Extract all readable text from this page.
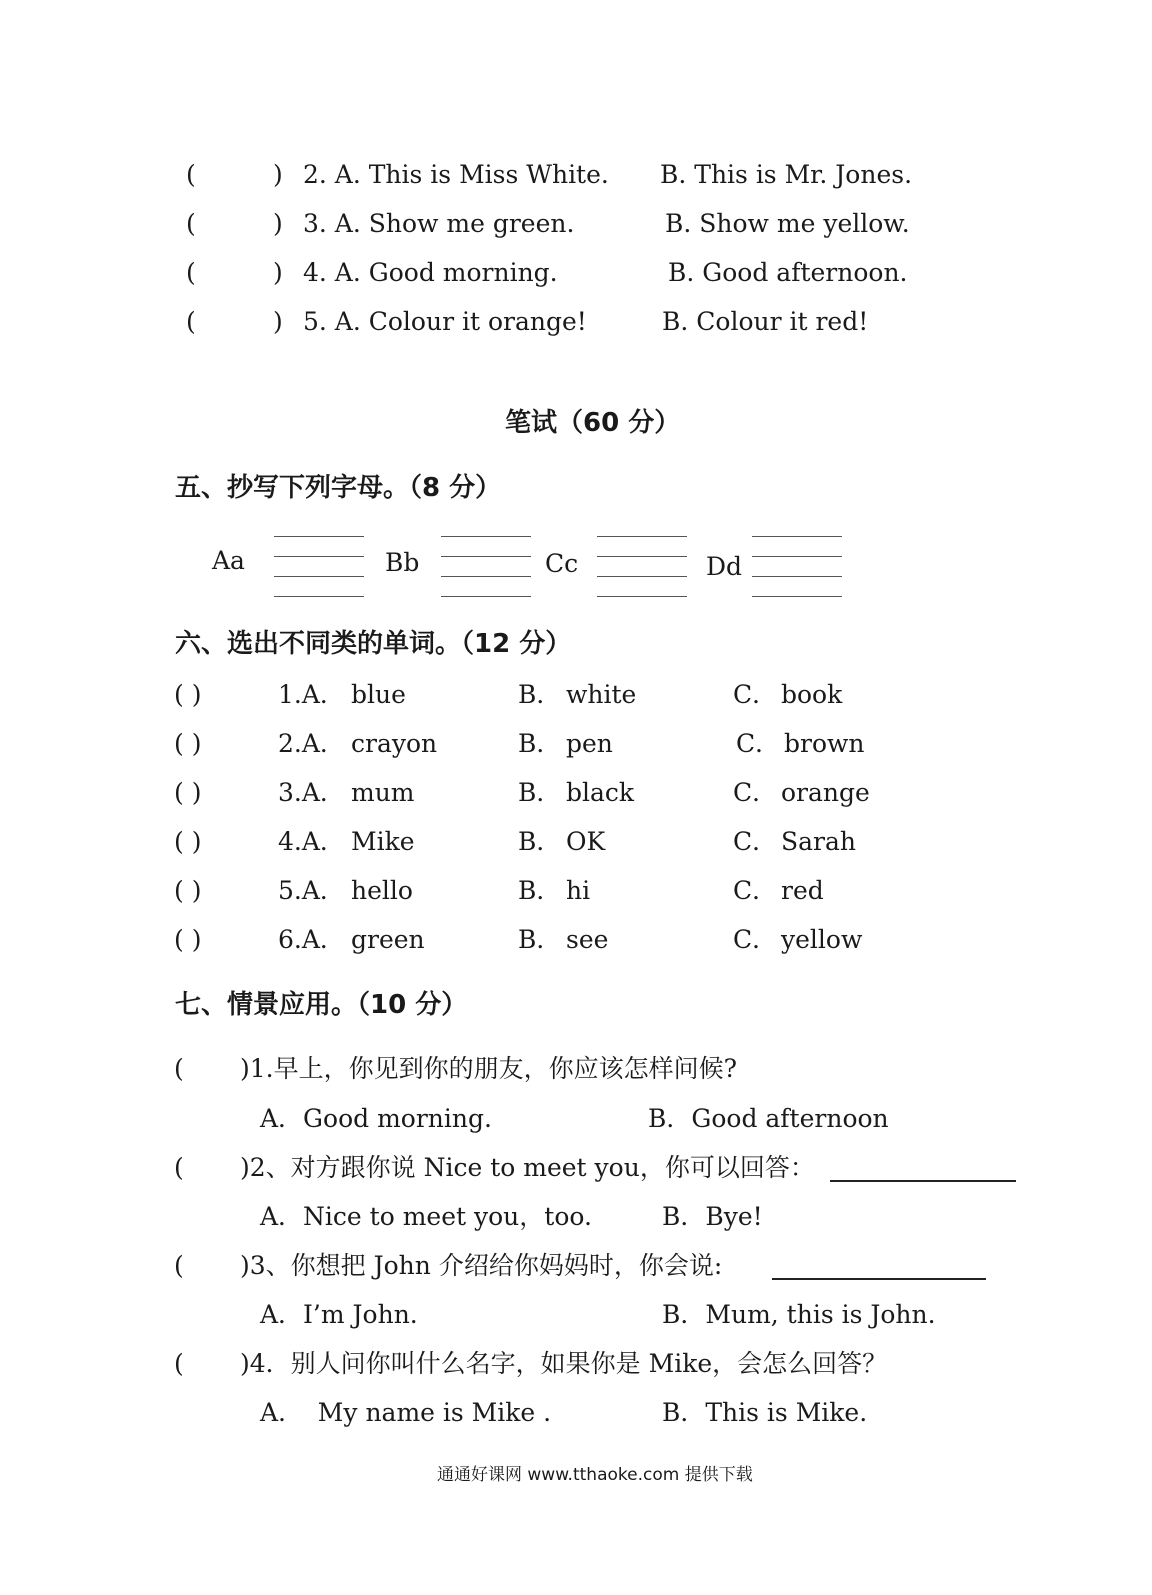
(	) 2. A. This is Miss White. B. This is Mr. Jones.
(	) 3. A. Show me green.	B. Show me yellow.
(	) 4. A. Good morning.	B. Good afternoon.
(	) 5. A. Colour it orange!	B. Colour it red!
笔试（60 分）
五、抄写下列字母。（8 分）
Aa	Bb	Cc	Dd
六、选出不同类的单词。（12 分）
( )	1.A． blue	B． white	C． book
( )	2.A． crayon	B． pen	C． brown
( )	3.A． mum	B． black	C． orange
( )	4.A． Mike	B． OK	C． Sarah
( )	5.A． hello	B． hi	C． red
( )	6.A． green	B． see	C． yellow
七、情景应用。（10 分）
( )1.早上，你见到你的朋友，你应该怎样问候?
A．Good morning.	B．Good afternoon
( )2、对方跟你说 Nice to meet you，你可以回答：
A．Nice to meet you，too.	B．Bye!
( )3、你想把 John 介绍给你妈妈时，你会说:
A．I’m John.	B．Mum, this is John.
( )4．别人问你叫什么名字，如果你是 Mike，会怎么回答？
A.    My name is Mike .	B．This is Mike.
通通好课网 www.tthaoke.com 提供下载
